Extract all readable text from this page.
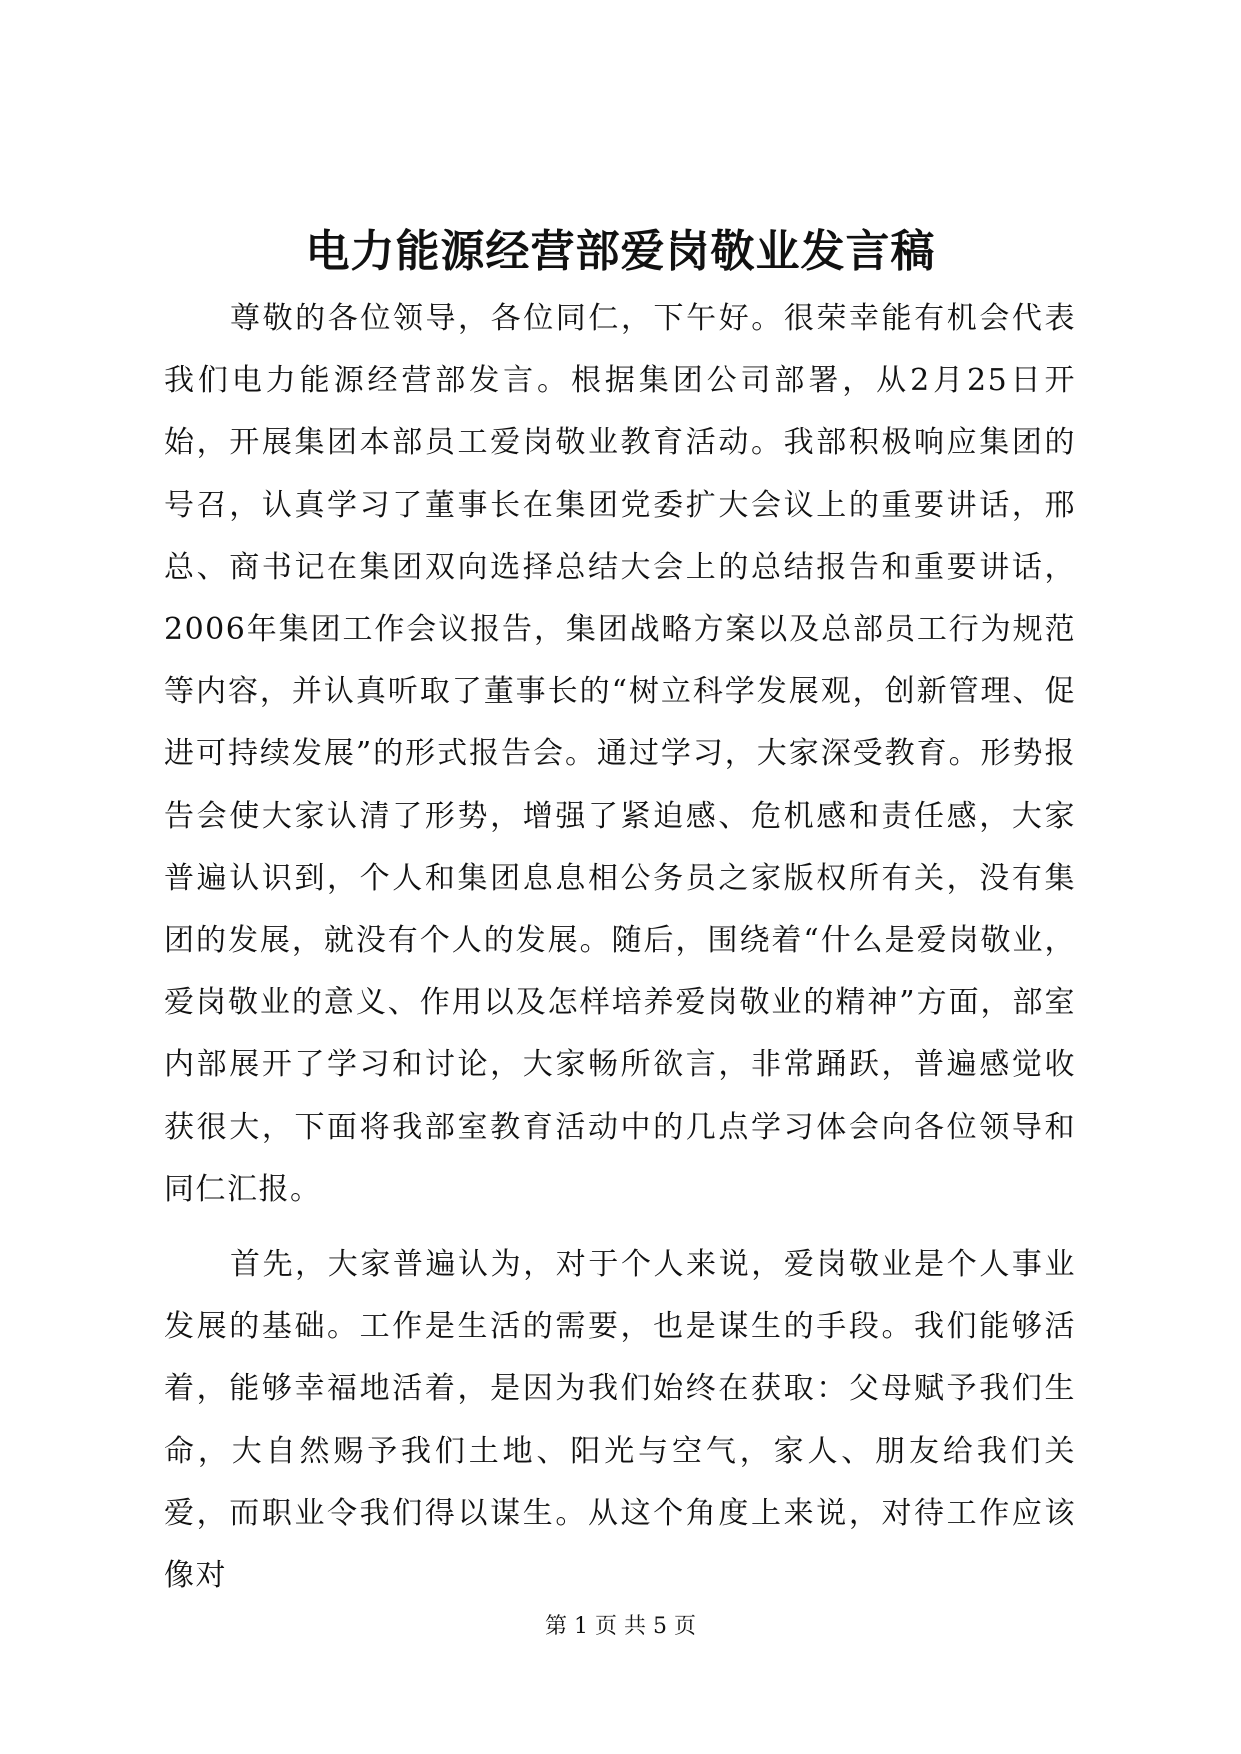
电力能源经营部爱岗敬业发言稿

尊敬的各位领导，各位同仁，下午好。很荣幸能有机会代表我们电力能源经营部发言。根据集团公司部署，从2月25日开始，开展集团本部员工爱岗敬业教育活动。我部积极响应集团的号召，认真学习了董事长在集团党委扩大会议上的重要讲话，邢总、商书记在集团双向选择总结大会上的总结报告和重要讲话，2006年集团工作会议报告，集团战略方案以及总部员工行为规范等内容，并认真听取了董事长的“树立科学发展观，创新管理、促进可持续发展”的形式报告会。通过学习，大家深受教育。形势报告会使大家认清了形势，增强了紧迫感、危机感和责任感，大家普遍认识到，个人和集团息息相公务员之家版权所有关，没有集团的发展，就没有个人的发展。随后，围绕着“什么是爱岗敬业，爱岗敬业的意义、作用以及怎样培养爱岗敬业的精神”方面，部室内部展开了学习和讨论，大家畅所欲言，非常踊跃，普遍感觉收获很大，下面将我部室教育活动中的几点学习体会向各位领导和同仁汇报。

首先，大家普遍认为，对于个人来说，爱岗敬业是个人事业发展的基础。工作是生活的需要，也是谋生的手段。我们能够活着，能够幸福地活着，是因为我们始终在获取：父母赋予我们生命，大自然赐予我们土地、阳光与空气，家人、朋友给我们关爱，而职业令我们得以谋生。从这个角度上来说，对待工作应该像对

第 1 页 共 5 页
